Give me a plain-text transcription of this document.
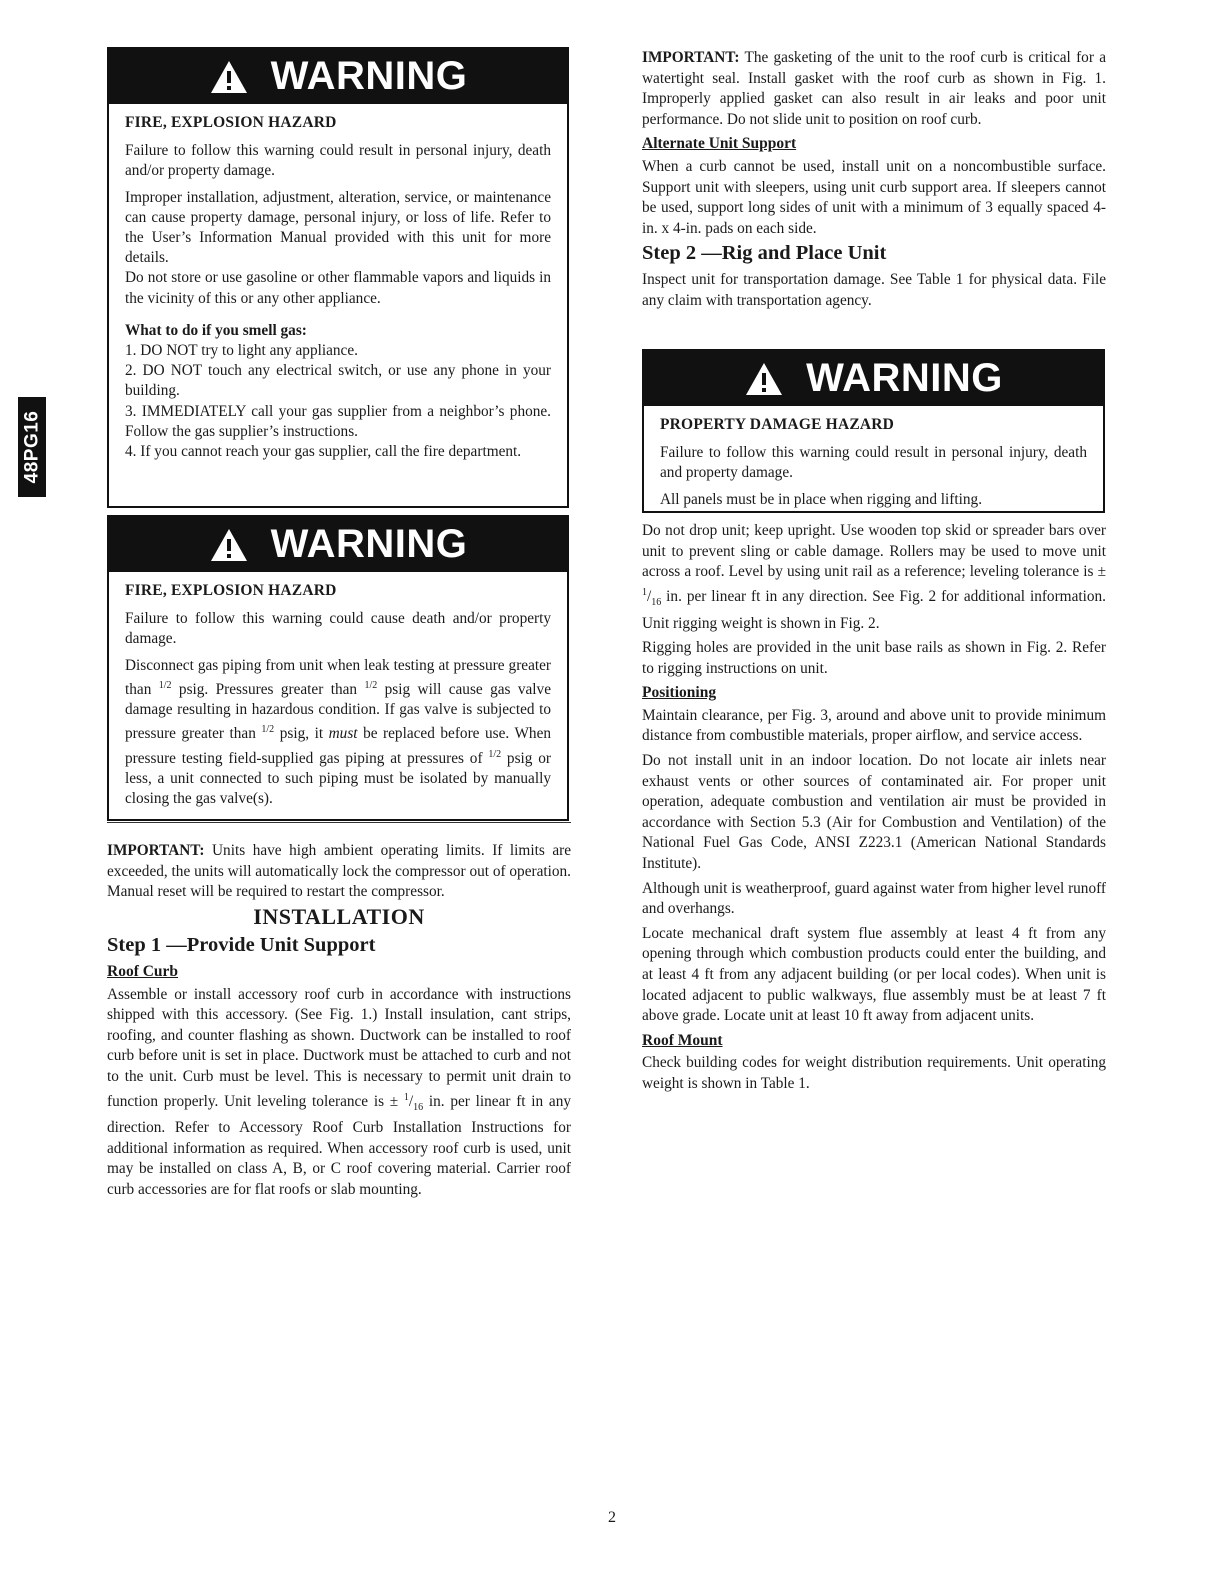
48PG16
WARNING
FIRE, EXPLOSION HAZARD

Failure to follow this warning could result in personal injury, death and/or property damage.

Improper installation, adjustment, alteration, service, or maintenance can cause property damage, personal injury, or loss of life. Refer to the User’s Information Manual provided with this unit for more details.

Do not store or use gasoline or other flammable vapors and liquids in the vicinity of this or any other appliance.

What to do if you smell gas:
1. DO NOT try to light any appliance.
2. DO NOT touch any electrical switch, or use any phone in your building.
3. IMMEDIATELY call your gas supplier from a neighbor’s phone. Follow the gas supplier’s instructions.
4. If you cannot reach your gas supplier, call the fire department.
WARNING
FIRE, EXPLOSION HAZARD

Failure to follow this warning could cause death and/or property damage.

Disconnect gas piping from unit when leak testing at pressure greater than $^{1/2}$ psig. Pressures greater than $^{1/2}$ psig will cause gas valve damage resulting in hazardous condition. If gas valve is subjected to pressure greater than $^{1/2}$ psig, it must be replaced before use. When pressure testing field-supplied gas piping at pressures of $^{1/2}$ psig or less, a unit connected to such piping must be isolated by manually closing the gas valve(s).

IMPORTANT: Units have high ambient operating limits. If limits are exceeded, the units will automatically lock the compressor out of operation. Manual reset will be required to restart the compressor.

INSTALLATION
Step 1 —Provide Unit Support
Roof Curb

Assemble or install accessory roof curb in accordance with instructions shipped with this accessory. (See Fig. 1.) Install insulation, cant strips, roofing, and counter flashing as shown. Ductwork can be installed to roof curb before unit is set in place. Ductwork must be attached to curb and not to the unit. Curb must be level. This is necessary to permit unit drain to function properly. Unit leveling tolerance is ± $^1/_{16}$ in. per linear ft in any direction. Refer to Accessory Roof Curb Installation Instructions for additional information as required. When accessory roof curb is used, unit may be installed on class A, B, or C roof covering material. Carrier roof curb accessories are for flat roofs or slab mounting.

IMPORTANT: The gasketing of the unit to the roof curb is critical for a watertight seal. Install gasket with the roof curb as shown in Fig. 1. Improperly applied gasket can also result in air leaks and poor unit performance. Do not slide unit to position on roof curb.

Alternate Unit Support

When a curb cannot be used, install unit on a noncombustible surface. Support unit with sleepers, using unit curb support area. If sleepers cannot be used, support long sides of unit with a minimum of 3 equally spaced 4-in. x 4-in. pads on each side.

Step 2 —Rig and Place Unit

Inspect unit for transportation damage. See Table 1 for physical data. File any claim with transportation agency.

WARNING
PROPERTY DAMAGE HAZARD

Failure to follow this warning could result in personal injury, death and property damage.

All panels must be in place when rigging and lifting.

Do not drop unit; keep upright. Use wooden top skid or spreader bars over unit to prevent sling or cable damage. Rollers may be used to move unit across a roof. Level by using unit rail as a reference; leveling tolerance is ± $^1/_{16}$ in. per linear ft in any direction. See Fig. 2 for additional information. Unit rigging weight is shown in Fig. 2.

Rigging holes are provided in the unit base rails as shown in Fig. 2. Refer to rigging instructions on unit.

Positioning

Maintain clearance, per Fig. 3, around and above unit to provide minimum distance from combustible materials, proper airflow, and service access.

Do not install unit in an indoor location. Do not locate air inlets near exhaust vents or other sources of contaminated air. For proper unit operation, adequate combustion and ventilation air must be provided in accordance with Section 5.3 (Air for Combustion and Ventilation) of the National Fuel Gas Code, ANSI Z223.1 (American National Standards Institute).

Although unit is weatherproof, guard against water from higher level runoff and overhangs.

Locate mechanical draft system flue assembly at least 4 ft from any opening through which combustion products could enter the building, and at least 4 ft from any adjacent building (or per local codes). When unit is located adjacent to public walkways, flue assembly must be at least 7 ft above grade. Locate unit at least 10 ft away from adjacent units.

Roof Mount

Check building codes for weight distribution requirements. Unit operating weight is shown in Table 1.

2
